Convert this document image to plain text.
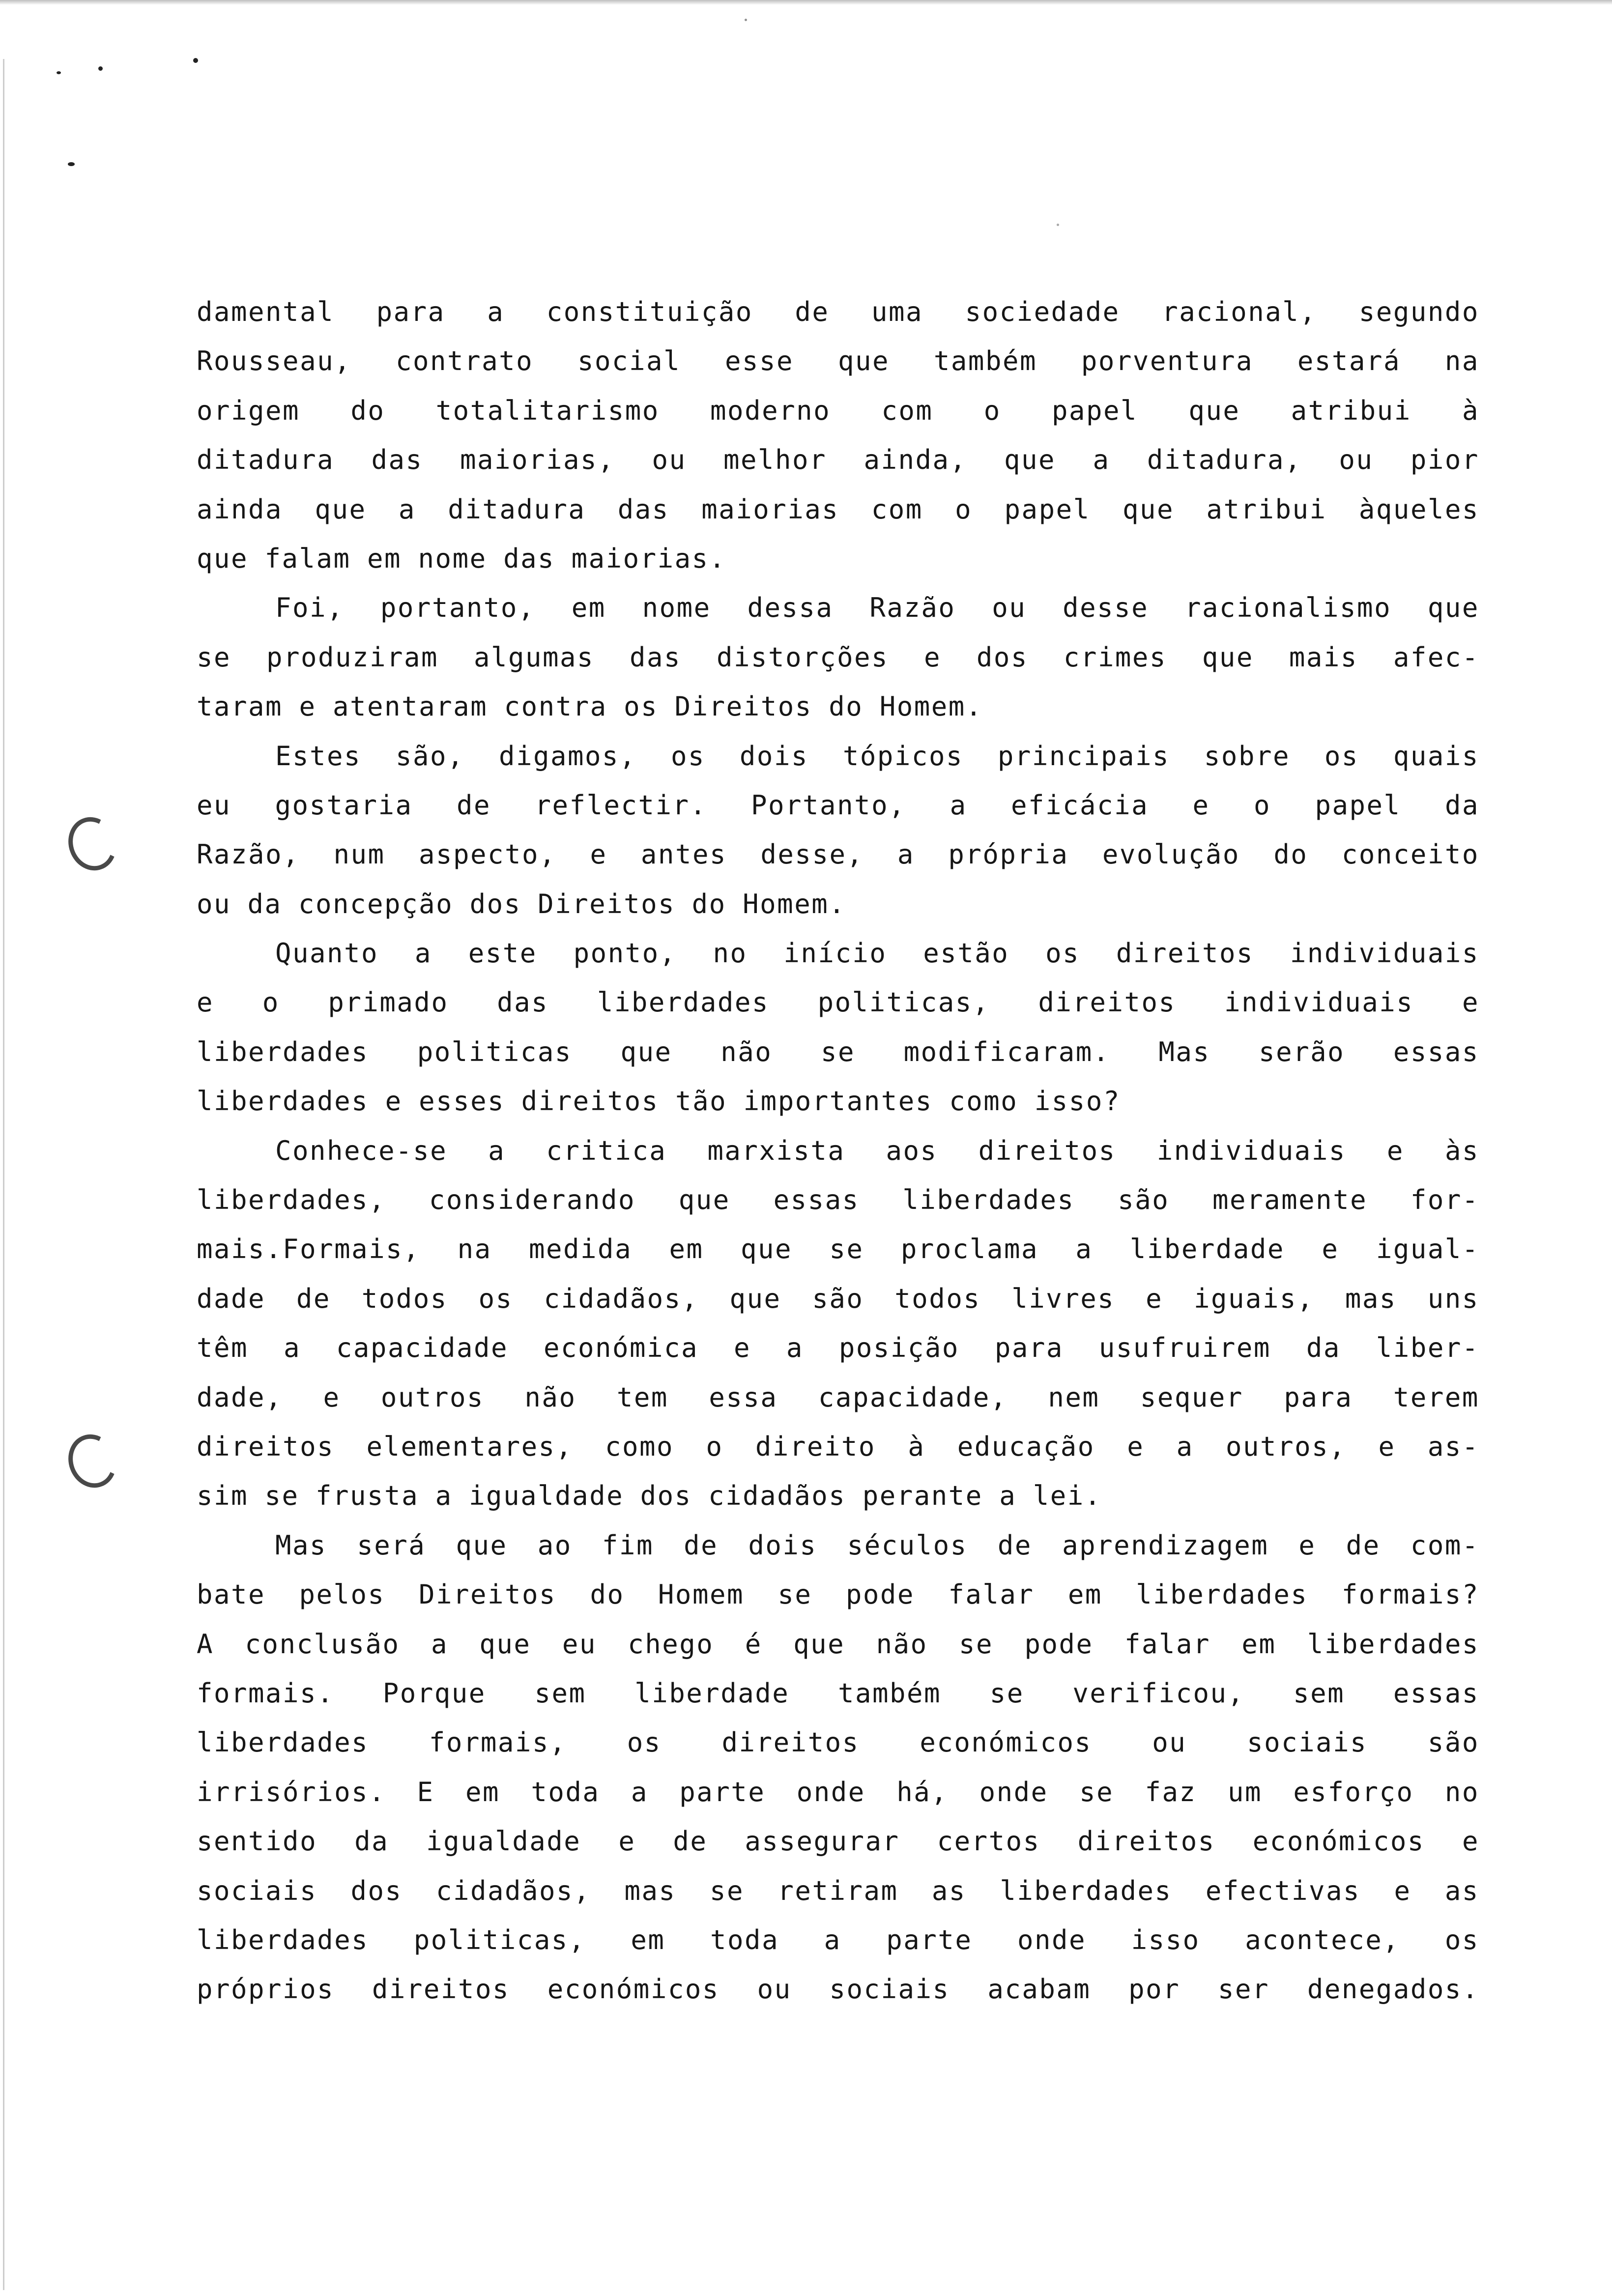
damental para a constituição de uma sociedade racional, segundo
Rousseau, contrato social esse que também porventura estará na
origem do totalitarismo moderno com o papel que atribui à
ditadura das maiorias, ou melhor ainda, que a ditadura, ou pior
ainda que a ditadura das maiorias com o papel que atribui àqueles
que falam em nome das maiorias.
Foi, portanto, em nome dessa Razão ou desse racionalismo que
se produziram algumas das distorções e dos crimes que mais afec-
taram e atentaram contra os Direitos do Homem.
Estes são, digamos, os dois tópicos principais sobre os quais
eu gostaria de reflectir. Portanto, a eficácia e o papel da
Razão, num aspecto, e antes desse, a própria evolução do conceito
ou da concepção dos Direitos do Homem.
Quanto a este ponto, no início estão os direitos individuais
e o primado das liberdades politicas, direitos individuais e
liberdades politicas que não se modificaram. Mas serão essas
liberdades e esses direitos tão importantes como isso?
Conhece-se a critica marxista aos direitos individuais e às
liberdades, considerando que essas liberdades são meramente for-
mais.Formais, na medida em que se proclama a liberdade e igual-
dade de todos os cidadãos, que são todos livres e iguais, mas uns
têm a capacidade económica e a posição para usufruirem da liber-
dade, e outros não tem essa capacidade, nem sequer para terem
direitos elementares, como o direito à educação e a outros, e as-
sim se frusta a igualdade dos cidadãos perante a lei.
Mas será que ao fim de dois séculos de aprendizagem e de com-
bate pelos Direitos do Homem se pode falar em liberdades formais?
A conclusão a que eu chego é que não se pode falar em liberdades
formais. Porque sem liberdade também se verificou, sem essas
liberdades formais, os direitos económicos ou sociais são
irrisórios. E em toda a parte onde há, onde se faz um esforço no
sentido da igualdade e de assegurar certos direitos económicos e
sociais dos cidadãos, mas se retiram as liberdades efectivas e as
liberdades politicas, em toda a parte onde isso acontece, os
próprios direitos económicos ou sociais acabam por ser denegados.
